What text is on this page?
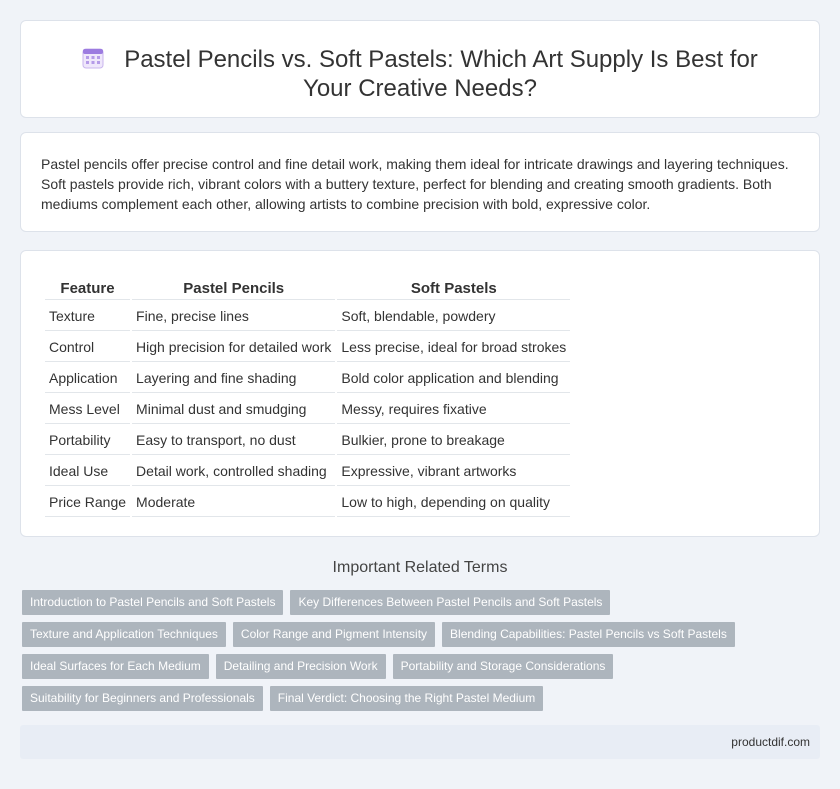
Pastel Pencils vs. Soft Pastels: Which Art Supply Is Best for Your Creative Needs?

Pastel pencils offer precise control and fine detail work, making them ideal for intricate drawings and layering techniques. Soft pastels provide rich, vibrant colors with a buttery texture, perfect for blending and creating smooth gradients. Both mediums complement each other, allowing artists to combine precision with bold, expressive color.

Feature	Pastel Pencils	Soft Pastels
Texture	Fine, precise lines	Soft, blendable, powdery
Control	High precision for detailed work	Less precise, ideal for broad strokes
Application	Layering and fine shading	Bold color application and blending
Mess Level	Minimal dust and smudging	Messy, requires fixative
Portability	Easy to transport, no dust	Bulkier, prone to breakage
Ideal Use	Detail work, controlled shading	Expressive, vibrant artworks
Price Range	Moderate	Low to high, depending on quality
Important Related Terms
Introduction to Pastel Pencils and Soft Pastels	Key Differences Between Pastel Pencils and Soft Pastels
Texture and Application Techniques	Color Range and Pigment Intensity	Blending Capabilities: Pastel Pencils vs Soft Pastels
Ideal Surfaces for Each Medium	Detailing and Precision Work	Portability and Storage Considerations
Suitability for Beginners and Professionals	Final Verdict: Choosing the Right Pastel Medium
productdif.com
